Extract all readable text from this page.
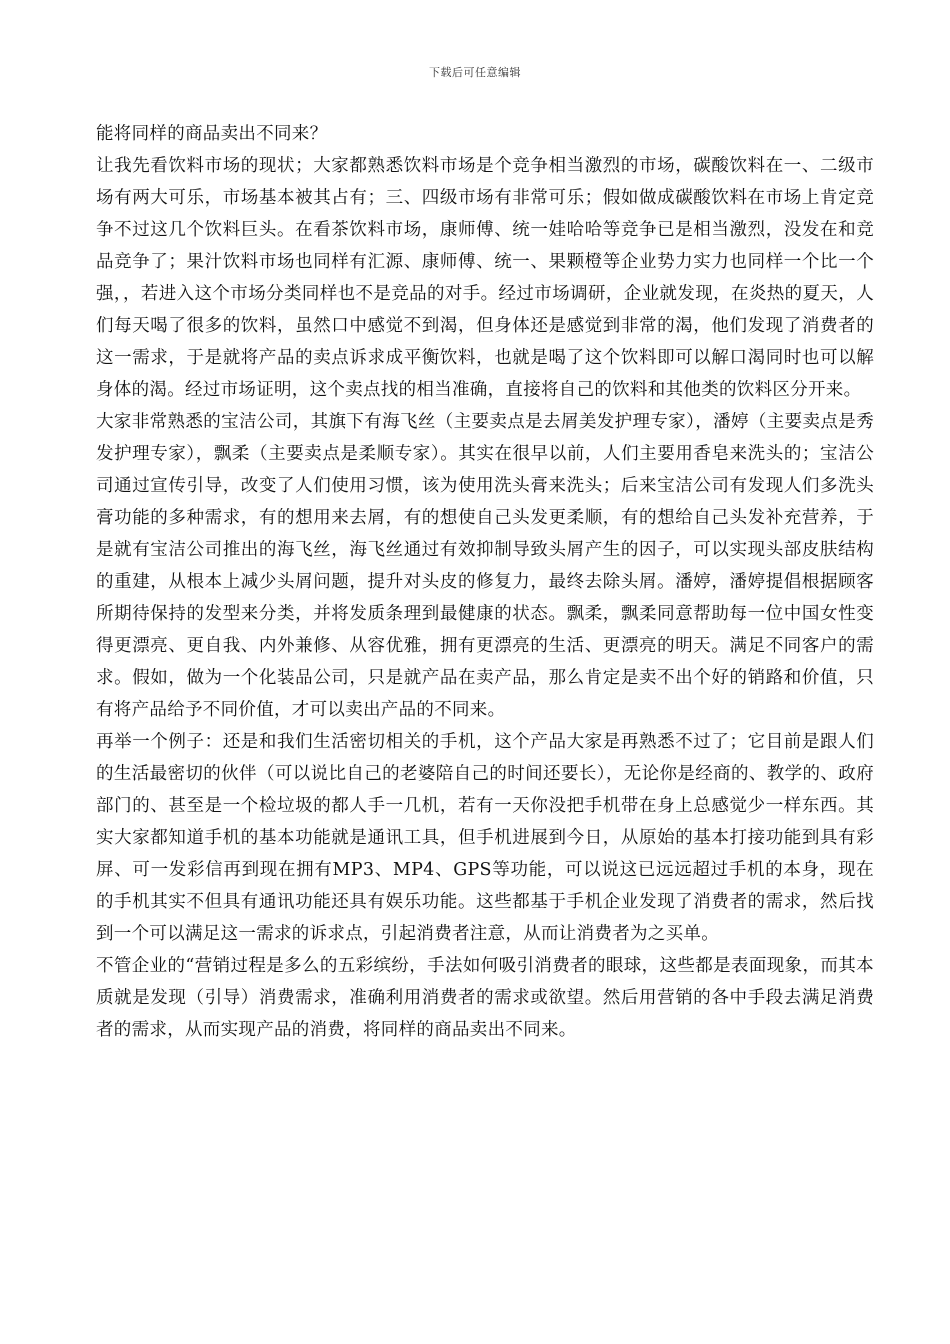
下载后可任意编辑

能将同样的商品卖出不同来？

让我先看饮料市场的现状；大家都熟悉饮料市场是个竞争相当激烈的市场，碳酸饮料在一、二级市场有两大可乐，市场基本被其占有；三、四级市场有非常可乐；假如做成碳酸饮料在市场上肯定竞争不过这几个饮料巨头。在看茶饮料市场，康师傅、统一娃哈哈等竞争已是相当激烈，没发在和竞品竞争了；果汁饮料市场也同样有汇源、康师傅、统一、果颗橙等企业势力实力也同样一个比一个强，，若进入这个市场分类同样也不是竞品的对手。经过市场调研，企业就发现，在炎热的夏天，人们每天喝了很多的饮料，虽然口中感觉不到渴，但身体还是感觉到非常的渴，他们发现了消费者的这一需求，于是就将产品的卖点诉求成平衡饮料，也就是喝了这个饮料即可以解口渴同时也可以解身体的渴。经过市场证明，这个卖点找的相当准确，直接将自己的饮料和其他类的饮料区分开来。

大家非常熟悉的宝洁公司，其旗下有海飞丝（主要卖点是去屑美发护理专家），潘婷（主要卖点是秀发护理专家），飘柔（主要卖点是柔顺专家）。其实在很早以前，人们主要用香皂来洗头的；宝洁公司通过宣传引导，改变了人们使用习惯，该为使用洗头膏来洗头；后来宝洁公司有发现人们多洗头膏功能的多种需求，有的想用来去屑，有的想使自己头发更柔顺，有的想给自己头发补充营养，于是就有宝洁公司推出的海飞丝，海飞丝通过有效抑制导致头屑产生的因子，可以实现头部皮肤结构的重建，从根本上减少头屑问题，提升对头皮的修复力，最终去除头屑。潘婷，潘婷提倡根据顾客所期待保持的发型来分类，并将发质条理到最健康的状态。飘柔，飘柔同意帮助每一位中国女性变得更漂亮、更自我、内外兼修、从容优雅，拥有更漂亮的生活、更漂亮的明天。满足不同客户的需求。假如，做为一个化装品公司，只是就产品在卖产品，那么肯定是卖不出个好的销路和价值，只有将产品给予不同价值，才可以卖出产品的不同来。

再举一个例子：还是和我们生活密切相关的手机，这个产品大家是再熟悉不过了；它目前是跟人们的生活最密切的伙伴（可以说比自己的老婆陪自己的时间还要长），无论你是经商的、教学的、政府部门的、甚至是一个检垃圾的都人手一几机，若有一天你没把手机带在身上总感觉少一样东西。其实大家都知道手机的基本功能就是通讯工具，但手机进展到今日，从原始的基本打接功能到具有彩屏、可一发彩信再到现在拥有MP3、MP4、GPS等功能，可以说这已远远超过手机的本身，现在的手机其实不但具有通讯功能还具有娱乐功能。这些都基于手机企业发现了消费者的需求，然后找到一个可以满足这一需求的诉求点，引起消费者注意，从而让消费者为之买单。

不管企业的“营销过程是多么的五彩缤纷，手法如何吸引消费者的眼球，这些都是表面现象，而其本质就是发现（引导）消费需求，准确利用消费者的需求或欲望。然后用营销的各中手段去满足消费者的需求，从而实现产品的消费，将同样的商品卖出不同来。
